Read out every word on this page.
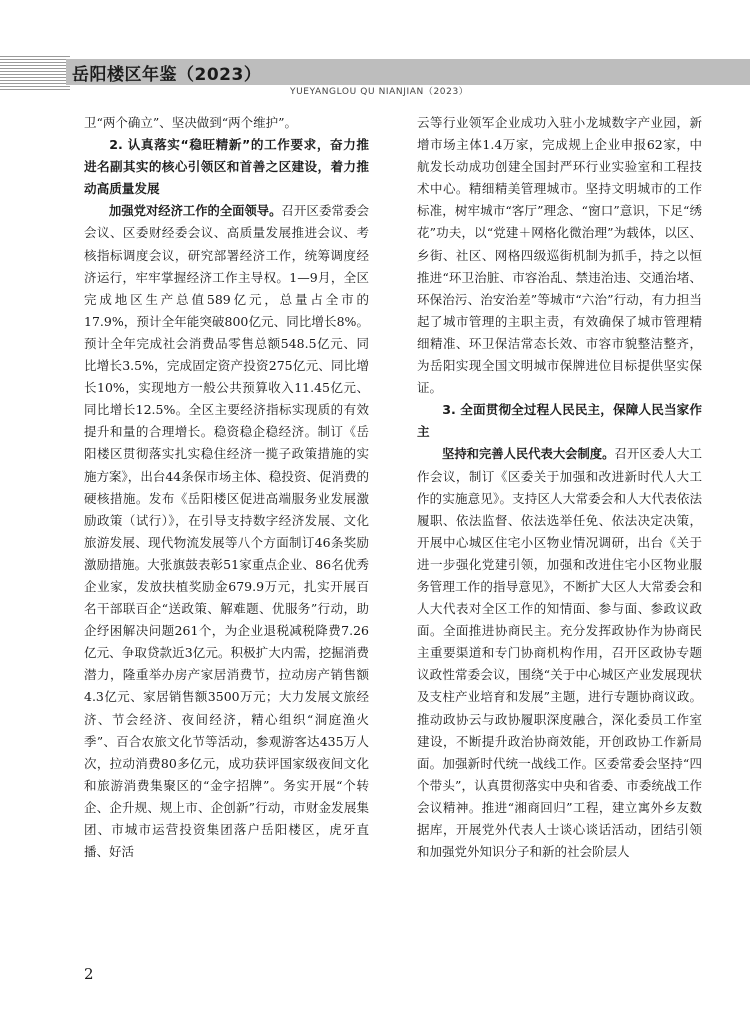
岳阳楼区年鉴（2023）
YUEYANGLOU QU NIANJIAN（2023）

卫“两个确立”、坚决做到“两个维护”。

2. 认真落实“稳旺精新”的工作要求，奋力推进名副其实的核心引领区和首善之区建设，着力推动高质量发展

加强党对经济工作的全面领导。召开区委常委会会议、区委财经委会议、高质量发展推进会议、考核指标调度会议，研究部署经济工作，统筹调度经济运行，牢牢掌握经济工作主导权。1—9月，全区完成地区生产总值589亿元，总量占全市的17.9%，预计全年能突破800亿元、同比增长8%。预计全年完成社会消费品零售总额548.5亿元、同比增长3.5%，完成固定资产投资275亿元、同比增长10%，实现地方一般公共预算收入11.45亿元、同比增长12.5%。全区主要经济指标实现质的有效提升和量的合理增长。稳资稳企稳经济。制订《岳阳楼区贯彻落实扎实稳住经济一揽子政策措施的实施方案》，出台44条保市场主体、稳投资、促消费的硬核措施。发布《岳阳楼区促进高端服务业发展激励政策（试行）》，在引导支持数字经济发展、文化旅游发展、现代物流发展等八个方面制订46条奖励激励措施。大张旗鼓表彰51家重点企业、86名优秀企业家，发放扶植奖励金679.9万元，扎实开展百名干部联百企“送政策、解难题、优服务”行动，助企纾困解决问题261个，为企业退税减税降费7.26亿元、争取贷款近3亿元。积极扩大内需，挖掘消费潜力，隆重举办房产家居消费节，拉动房产销售额4.3亿元、家居销售额3500万元；大力发展文旅经济、节会经济、夜间经济，精心组织“洞庭渔火季”、百合农旅文化节等活动，参观游客达435万人次，拉动消费80多亿元，成功获评国家级夜间文化和旅游消费集聚区的“金字招牌”。务实开展“个转企、企升规、规上市、企创新”行动，市财金发展集团、市城市运营投资集团落户岳阳楼区，虎牙直播、好活

云等行业领军企业成功入驻小龙城数字产业园，新增市场主体1.4万家，完成规上企业申报62家，中航发长动成功创建全国封严环行业实验室和工程技术中心。精细精美管理城市。坚持文明城市的工作标准，树牢城市“客厅”理念、“窗口”意识，下足“绣花”功夫，以“党建＋网格化微治理”为载体，以区、乡街、社区、网格四级巡街机制为抓手，持之以恒推进“环卫治脏、市容治乱、禁违治违、交通治堵、环保治污、治安治差”等城市“六治”行动，有力担当起了城市管理的主职主责，有效确保了城市管理精细精准、环卫保洁常态长效、市容市貌整洁整齐，为岳阳实现全国文明城市保牌进位目标提供坚实保证。

3. 全面贯彻全过程人民民主，保障人民当家作主

坚持和完善人民代表大会制度。召开区委人大工作会议，制订《区委关于加强和改进新时代人大工作的实施意见》。支持区人大常委会和人大代表依法履职、依法监督、依法选举任免、依法决定决策，开展中心城区住宅小区物业情况调研，出台《关于进一步强化党建引领，加强和改进住宅小区物业服务管理工作的指导意见》，不断扩大区人大常委会和人大代表对全区工作的知情面、参与面、参政议政面。全面推进协商民主。充分发挥政协作为协商民主重要渠道和专门协商机构作用，召开区政协专题议政性常委会议，围绕“关于中心城区产业发展现状及支柱产业培育和发展”主题，进行专题协商议政。推动政协云与政协履职深度融合，深化委员工作室建设，不断提升政治协商效能，开创政协工作新局面。加强新时代统一战线工作。区委常委会坚持“四个带头”，认真贯彻落实中央和省委、市委统战工作会议精神。推进“湘商回归”工程，建立寓外乡友数据库，开展党外代表人士谈心谈话活动，团结引领和加强党外知识分子和新的社会阶层人

2
